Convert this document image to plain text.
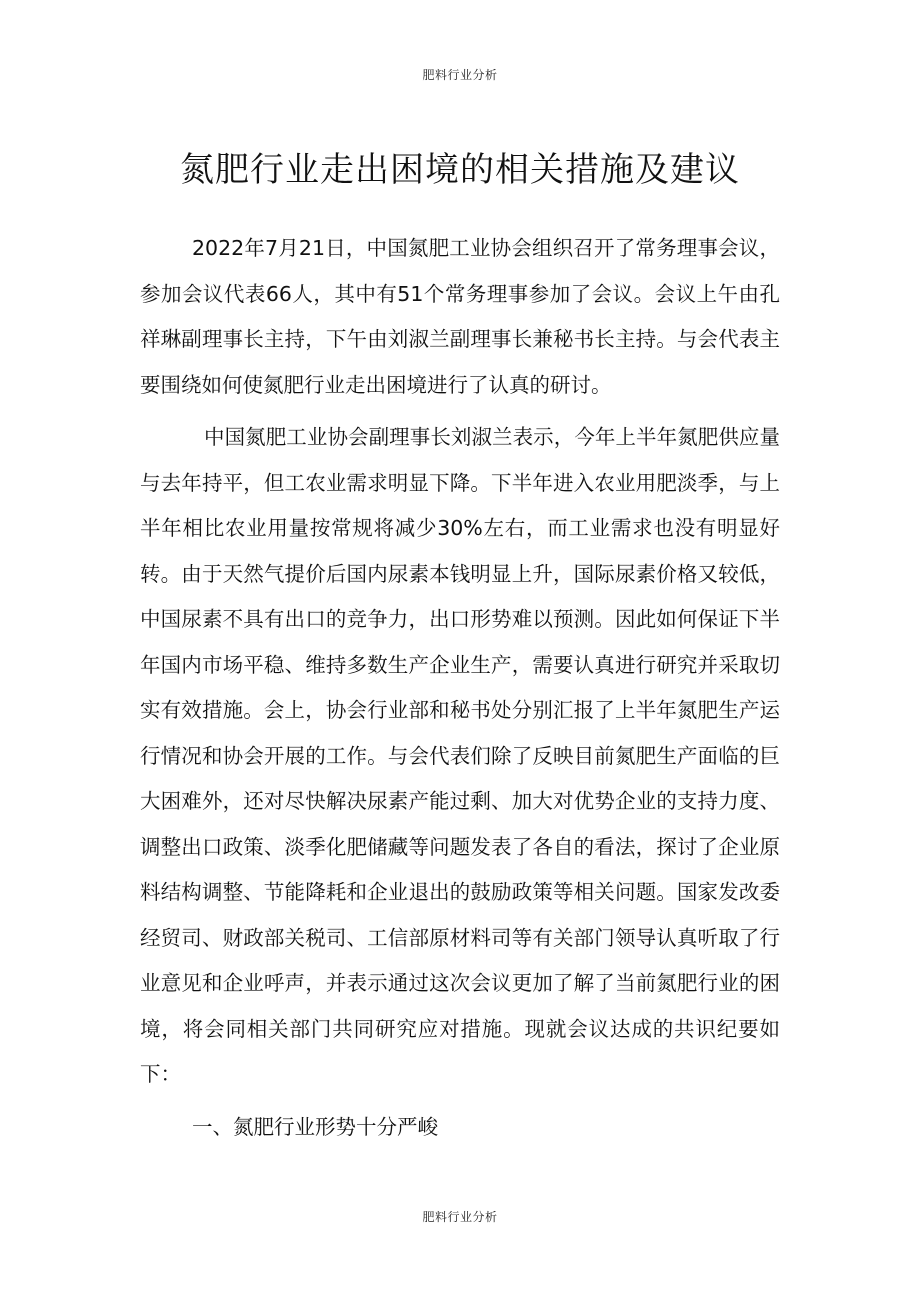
肥料行业分析
氮肥行业走出困境的相关措施及建议

2022年7月21日，中国氮肥工业协会组织召开了常务理事会议，参加会议代表66人，其中有51个常务理事参加了会议。会议上午由孔祥琳副理事长主持，下午由刘淑兰副理事长兼秘书长主持。与会代表主要围绕如何使氮肥行业走出困境进行了认真的研讨。

中国氮肥工业协会副理事长刘淑兰表示，今年上半年氮肥供应量与去年持平，但工农业需求明显下降。下半年进入农业用肥淡季，与上半年相比农业用量按常规将减少30%左右，而工业需求也没有明显好转。由于天然气提价后国内尿素本钱明显上升，国际尿素价格又较低，中国尿素不具有出口的竞争力，出口形势难以预测。因此如何保证下半年国内市场平稳、维持多数生产企业生产，需要认真进行研究并采取切实有效措施。会上，协会行业部和秘书处分别汇报了上半年氮肥生产运行情况和协会开展的工作。与会代表们除了反映目前氮肥生产面临的巨大困难外，还对尽快解决尿素产能过剩、加大对优势企业的支持力度、调整出口政策、淡季化肥储藏等问题发表了各自的看法，探讨了企业原料结构调整、节能降耗和企业退出的鼓励政策等相关问题。国家发改委经贸司、财政部关税司、工信部原材料司等有关部门领导认真听取了行业意见和企业呼声，并表示通过这次会议更加了解了当前氮肥行业的困境，将会同相关部门共同研究应对措施。现就会议达成的共识纪要如下：

一、氮肥行业形势十分严峻

肥料行业分析
